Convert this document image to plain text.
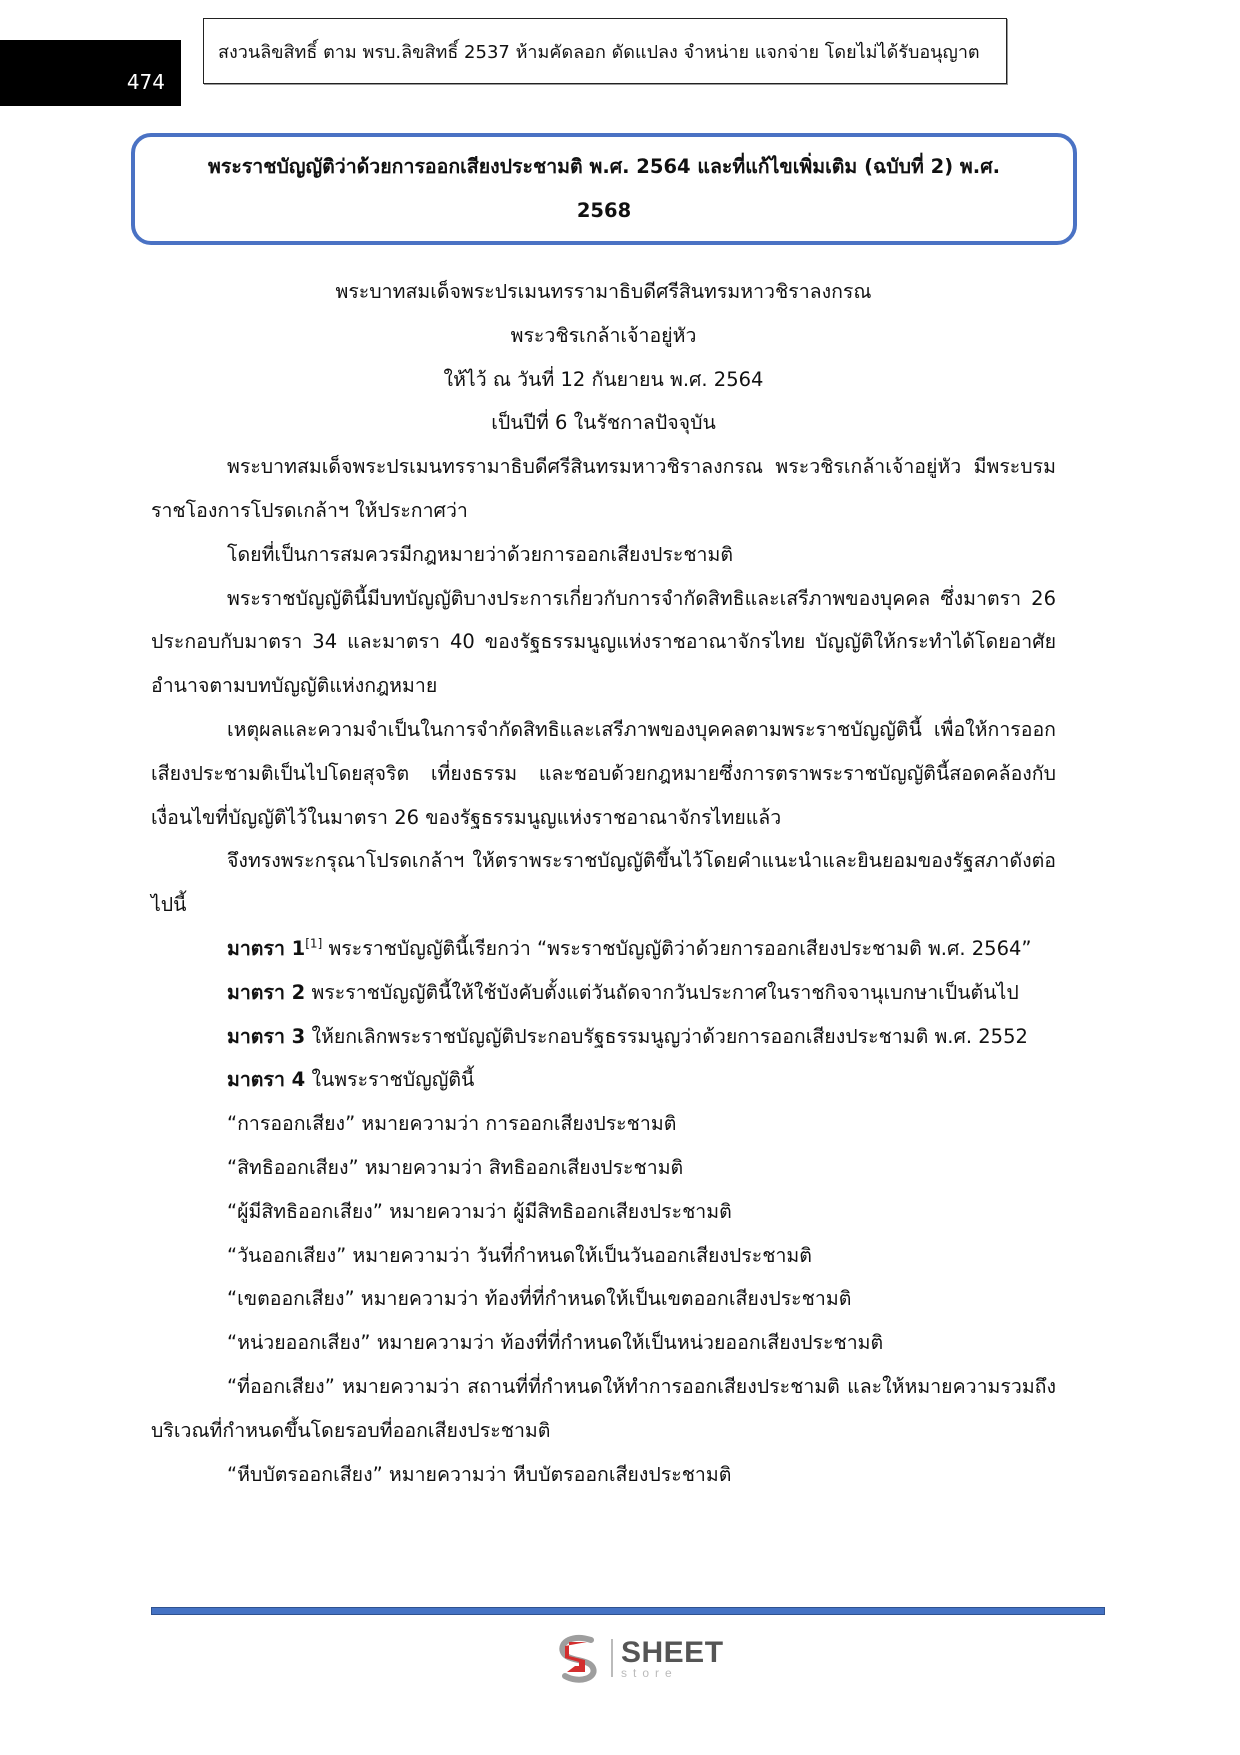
474
สงวนลิขสิทธิ์ ตาม พรบ.ลิขสิทธิ์ 2537 ห้ามคัดลอก ดัดแปลง จำหน่าย แจกจ่าย โดยไม่ได้รับอนุญาต
พระราชบัญญัติว่าด้วยการออกเสียงประชามติ พ.ศ. 2564 และที่แก้ไขเพิ่มเติม (ฉบับที่ 2) พ.ศ.
2568
พระบาทสมเด็จพระปรเมนทรรามาธิบดีศรีสินทรมหาวชิราลงกรณ
พระวชิรเกล้าเจ้าอยู่หัว
ให้ไว้ ณ วันที่ 12 กันยายน พ.ศ. 2564
เป็นปีที่ 6 ในรัชกาลปัจจุบัน
พระบาทสมเด็จพระปรเมนทรรามาธิบดีศรีสินทรมหาวชิราลงกรณ พระวชิรเกล้าเจ้าอยู่หัว มีพระบรมราชโองการโปรดเกล้าฯ ให้ประกาศว่า
โดยที่เป็นการสมควรมีกฎหมายว่าด้วยการออกเสียงประชามติ
พระราชบัญญัตินี้มีบทบัญญัติบางประการเกี่ยวกับการจำกัดสิทธิและเสรีภาพของบุคคล ซึ่งมาตรา 26 ประกอบกับมาตรา 34 และมาตรา 40 ของรัฐธรรมนูญแห่งราชอาณาจักรไทย บัญญัติให้กระทำได้โดยอาศัยอำนาจตามบทบัญญัติแห่งกฎหมาย
เหตุผลและความจำเป็นในการจำกัดสิทธิและเสรีภาพของบุคคลตามพระราชบัญญัตินี้ เพื่อให้การออกเสียงประชามติเป็นไปโดยสุจริต เที่ยงธรรม และชอบด้วยกฎหมายซึ่งการตราพระราชบัญญัตินี้สอดคล้องกับเงื่อนไขที่บัญญัติไว้ในมาตรา 26 ของรัฐธรรมนูญแห่งราชอาณาจักรไทยแล้ว
จึงทรงพระกรุณาโปรดเกล้าฯ ให้ตราพระราชบัญญัติขึ้นไว้โดยคำแนะนำและยินยอมของรัฐสภาดังต่อไปนี้
มาตรา 1[1] พระราชบัญญัตินี้เรียกว่า “พระราชบัญญัติว่าด้วยการออกเสียงประชามติ พ.ศ. 2564”
มาตรา 2 พระราชบัญญัตินี้ให้ใช้บังคับตั้งแต่วันถัดจากวันประกาศในราชกิจจานุเบกษาเป็นต้นไป
มาตรา 3 ให้ยกเลิกพระราชบัญญัติประกอบรัฐธรรมนูญว่าด้วยการออกเสียงประชามติ พ.ศ. 2552
มาตรา 4 ในพระราชบัญญัตินี้
“การออกเสียง” หมายความว่า การออกเสียงประชามติ
“สิทธิออกเสียง” หมายความว่า สิทธิออกเสียงประชามติ
“ผู้มีสิทธิออกเสียง” หมายความว่า ผู้มีสิทธิออกเสียงประชามติ
“วันออกเสียง” หมายความว่า วันที่กำหนดให้เป็นวันออกเสียงประชามติ
“เขตออกเสียง” หมายความว่า ท้องที่ที่กำหนดให้เป็นเขตออกเสียงประชามติ
“หน่วยออกเสียง” หมายความว่า ท้องที่ที่กำหนดให้เป็นหน่วยออกเสียงประชามติ
“ที่ออกเสียง” หมายความว่า สถานที่ที่กำหนดให้ทำการออกเสียงประชามติ และให้หมายความรวมถึงบริเวณที่กำหนดขึ้นโดยรอบที่ออกเสียงประชามติ
“หีบบัตรออกเสียง” หมายความว่า หีบบัตรออกเสียงประชามติ
SHEET
store
